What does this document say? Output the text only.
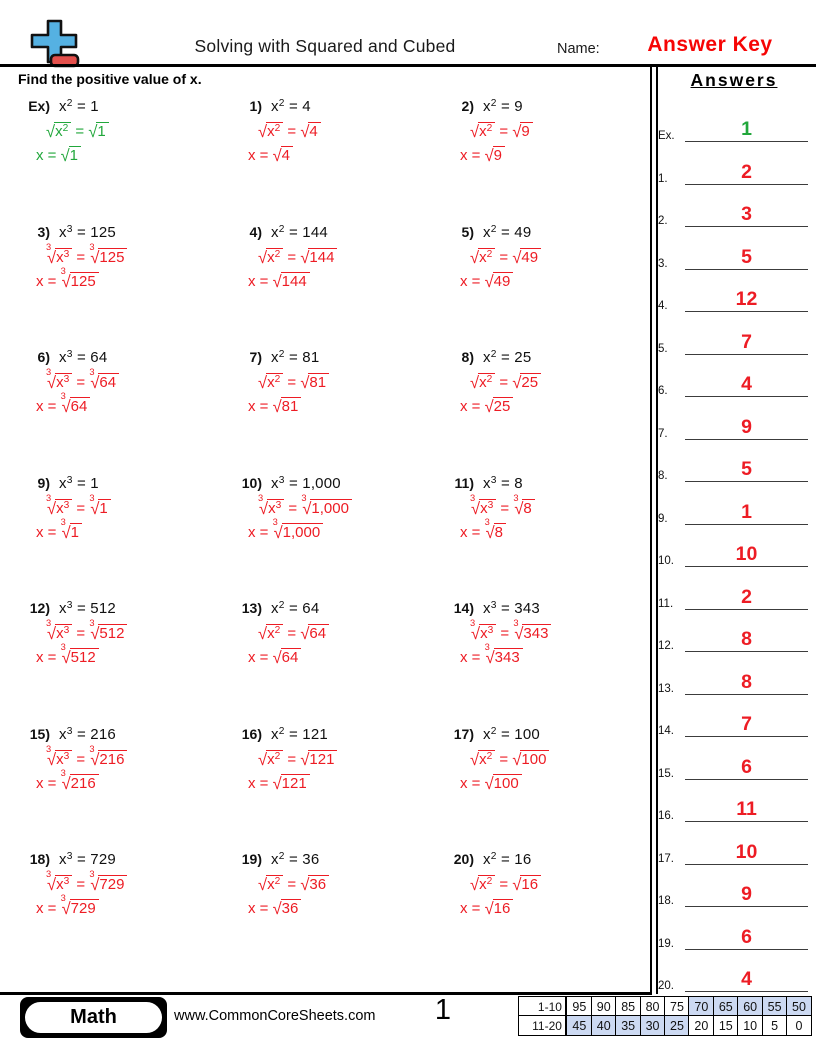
Solving with Squared and Cubed	Name:	Answer Key
Find the positive value of x.
Ex) $x^2 = 1$
$√x^2 = √1$
x = √1
1) $x^2 = 4$
$√x^2 = √4$
x = √4
2) $x^2 = 9$
$√x^2 = √9$
x = √9
3) $x^3 = 125$
$^3√x^3 = ^3√125$
x = $^3$√125
4) $x^2 = 144$
$√x^2 = √144$
x = √144
5) $x^2 = 49$
$√x^2 = √49$
x = √49
6) $x^3 = 64$
$^3√x^3 = ^3√64$
x = $^3$√64
7) $x^2 = 81$
$√x^2 = √81$
x = √81
8) $x^2 = 25$
$√x^2 = √25$
x = √25
9) $x^3 = 1$
$^3√x^3 = ^3√1$
x = $^3$√1
10) $x^3 = 1,000$
$^3√x^3 = ^3√1,000$
x = $^3$√1,000
11) $x^3 = 8$
$^3√x^3 = ^3√8$
x = $^3$√8
12) $x^3 = 512$
$^3√x^3 = ^3√512$
x = $^3$√512
13) $x^2 = 64$
$√x^2 = √64$
x = √64
14) $x^3 = 343$
$^3√x^3 = ^3√343$
x = $^3$√343
15) $x^3 = 216$
$^3√x^3 = ^3√216$
x = $^3$√216
16) $x^2 = 121$
$√x^2 = √121$
x = √121
17) $x^2 = 100$
$√x^2 = √100$
x = √100
18) $x^3 = 729$
$^3√x^3 = ^3√729$
x = $^3$√729
19) $x^2 = 36$
$√x^2 = √36$
x = √36
20) $x^2 = 16$
$√x^2 = √16$
x = √16
Answers
Ex.	1
1.	2
2.	3
3.	5
4.	12
5.	7
6.	4
7.	9
8.	5
9.	1
10.	10
11.	2
12.	8
13.	8
14.	7
15.	6
16.	11
17.	10
18.	9
19.	6
20.	4
Math	www.CommonCoreSheets.com	1	1-10 95 90 85 80 75 70 65 60 55 50
11-20 45 40 35 30 25 20 15 10	5	0
